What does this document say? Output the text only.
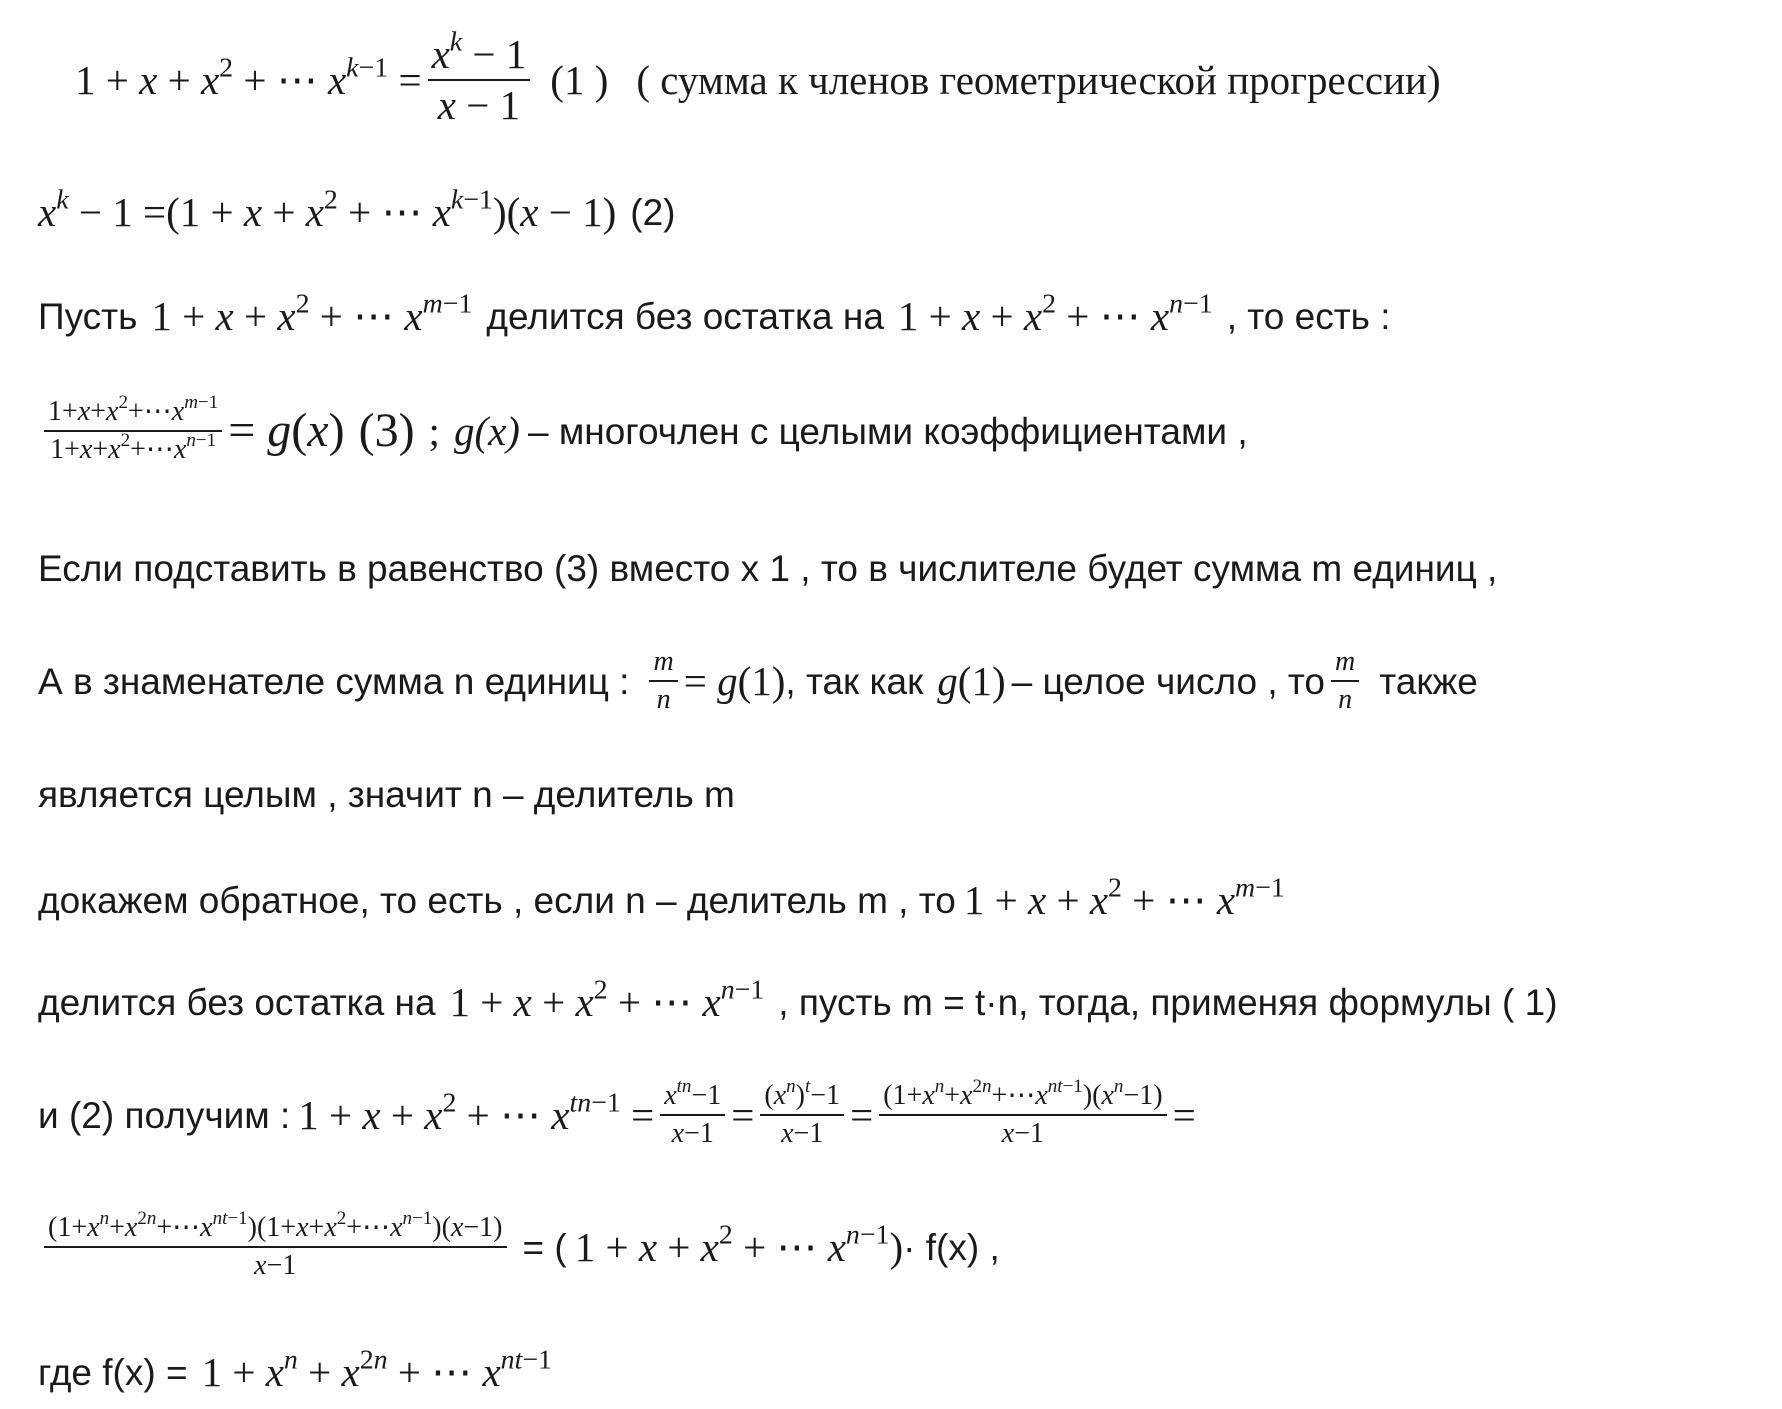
$1 + x + x^2$ + ⋯ $x^{k-1} = \frac{x^k - 1}{x - 1} (1$ ) ( сумма к членов геометрической прогрессии)
$x^k - 1 =(1 + x + x^2$ + ⋯ $x^{k-1})(x - 1)$ (2)
Пусть $1 + x + x^2$ + ⋯ $x^{m-1}$ делится без остатка на $1 + x + x^2$ + ⋯ $x^{n-1}$ , то есть :
$\frac{1+x+x^2+\cdots x^{m-1}}{1+x+x^2+\cdots x^{n-1}} = g(x)$ (3) ; g(x) – многочлен с целыми коэффициентами ,
Если подставить в равенство (3) вместо x 1 , то в числителе будет сумма m единиц ,
А в знаменателе сумма n единиц : $\frac{m}{n} = g(1)$ , так как g(1) – целое число , то $\frac{m}{n}$ также
является целым , значит n – делитель m
докажем обратное, то есть , если n – делитель m , то $1 + x + x^2$ + ⋯ $x^{m-1}$
делится без остатка на $1 + x + x^2$ + ⋯ $x^{n-1}$ , пусть m = t·n, тогда, применяя формулы ( 1)
и (2) получим : $1 + x + x^2$ + ⋯ $x^{tn-1} = \frac{x^{tn}-1}{x-1} = \frac{(x^n)^t-1}{x-1} = \frac{(1+x^n+x^{2n}+\cdots x^{nt-1})(x^n-1)}{x-1}$ =
$\frac{(1+x^n+x^{2n}+\cdots x^{nt-1})(1+x+x^2+\cdots x^{n-1})(x-1)}{x-1}$ = ( $1 + x + x^2$ + ⋯ $x^{n-1}) \cdot f(x)$ ,
где $f(x) = 1 + x^n + x^{2n}$ + ⋯ $x^{nt-1}$
